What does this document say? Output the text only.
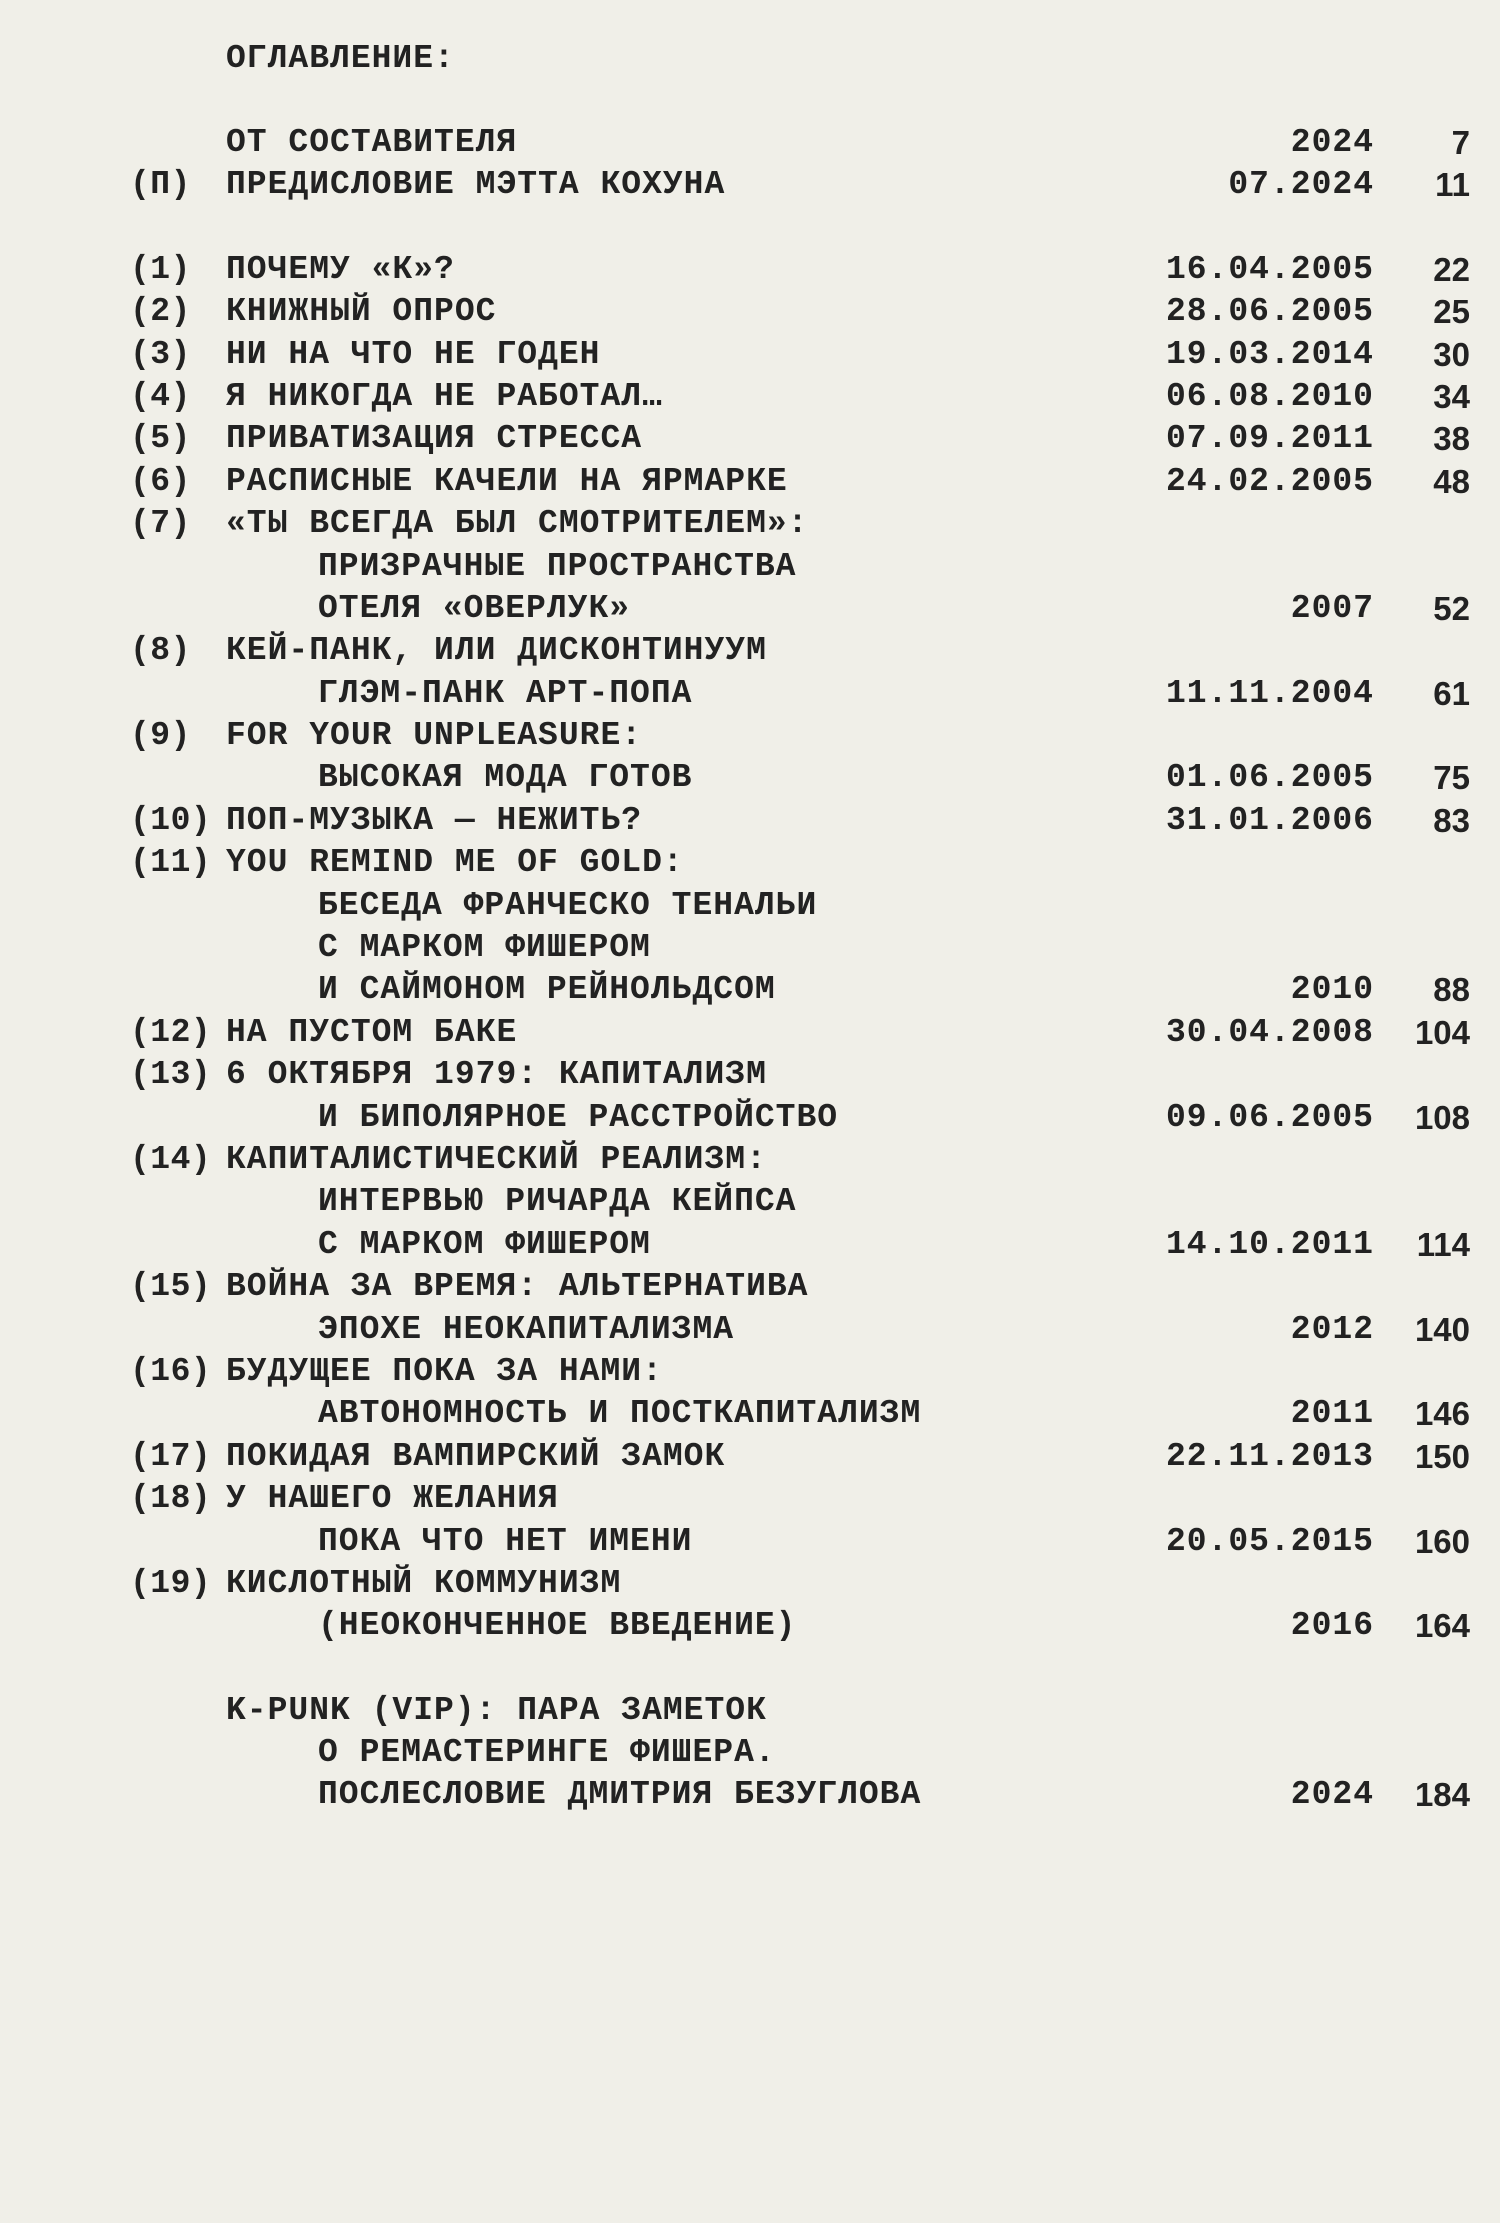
ОГЛАВЛЕНИЕ:
ОТ СОСТАВИТЕЛЯ	2024	7
(П) ПРЕДИСЛОВИЕ МЭТТА КОХУНА	07.2024	11
(1) ПОЧЕМУ «К»?	16.04.2005	22
(2) КНИЖНЫЙ ОПРОС	28.06.2005	25
(3) НИ НА ЧТО НЕ ГОДЕН	19.03.2014	30
(4) Я НИКОГДА НЕ РАБОТАЛ…	06.08.2010	34
(5) ПРИВАТИЗАЦИЯ СТРЕССА	07.09.2011	38
(6) РАСПИСНЫЕ КАЧЕЛИ НА ЯРМАРКЕ	24.02.2005	48
(7) «ТЫ ВСЕГДА БЫЛ СМОТРИТЕЛЕМ»:
ПРИЗРАЧНЫЕ ПРОСТРАНСТВА
ОТЕЛЯ «ОВЕРЛУК»	2007	52
(8) КЕЙ-ПАНК, ИЛИ ДИСКОНТИНУУМ
ГЛЭМ-ПАНК АРТ-ПОПА	11.11.2004	61
(9) FOR YOUR UNPLEASURE:
ВЫСОКАЯ МОДА ГОТОВ	01.06.2005	75
(10) ПОП-МУЗЫКА — НЕЖИТЬ?	31.01.2006	83
(11) YOU REMIND ME OF GOLD:
БЕСЕДА ФРАНЧЕСКО ТЕНАЛЬИ
С МАРКОМ ФИШЕРОМ
И САЙМОНОМ РЕЙНОЛЬДСОМ	2010	88
(12) НА ПУСТОМ БАКЕ	30.04.2008	104
(13) 6 ОКТЯБРЯ 1979: КАПИТАЛИЗМ
И БИПОЛЯРНОЕ РАССТРОЙСТВО	09.06.2005	108
(14) КАПИТАЛИСТИЧЕСКИЙ РЕАЛИЗМ:
ИНТЕРВЬЮ РИЧАРДА КЕЙПСА
С МАРКОМ ФИШЕРОМ	14.10.2011	114
(15) ВОЙНА ЗА ВРЕМЯ: АЛЬТЕРНАТИВА
ЭПОХЕ НЕОКАПИТАЛИЗМА	2012	140
(16) БУДУЩЕЕ ПОКА ЗА НАМИ:
АВТОНОМНОСТЬ И ПОСТКАПИТАЛИЗМ	2011	146
(17) ПОКИДАЯ ВАМПИРСКИЙ ЗАМОК	22.11.2013	150
(18) У НАШЕГО ЖЕЛАНИЯ
ПОКА ЧТО НЕТ ИМЕНИ	20.05.2015	160
(19) КИСЛОТНЫЙ КОММУНИЗМ
(НЕОКОНЧЕННОЕ ВВЕДЕНИЕ)	2016	164
K-PUNK (VIP): ПАРА ЗАМЕТОК
О РЕМАСТЕРИНГЕ ФИШЕРА.
ПОСЛЕСЛОВИЕ ДМИТРИЯ БЕЗУГЛОВА	2024	184
